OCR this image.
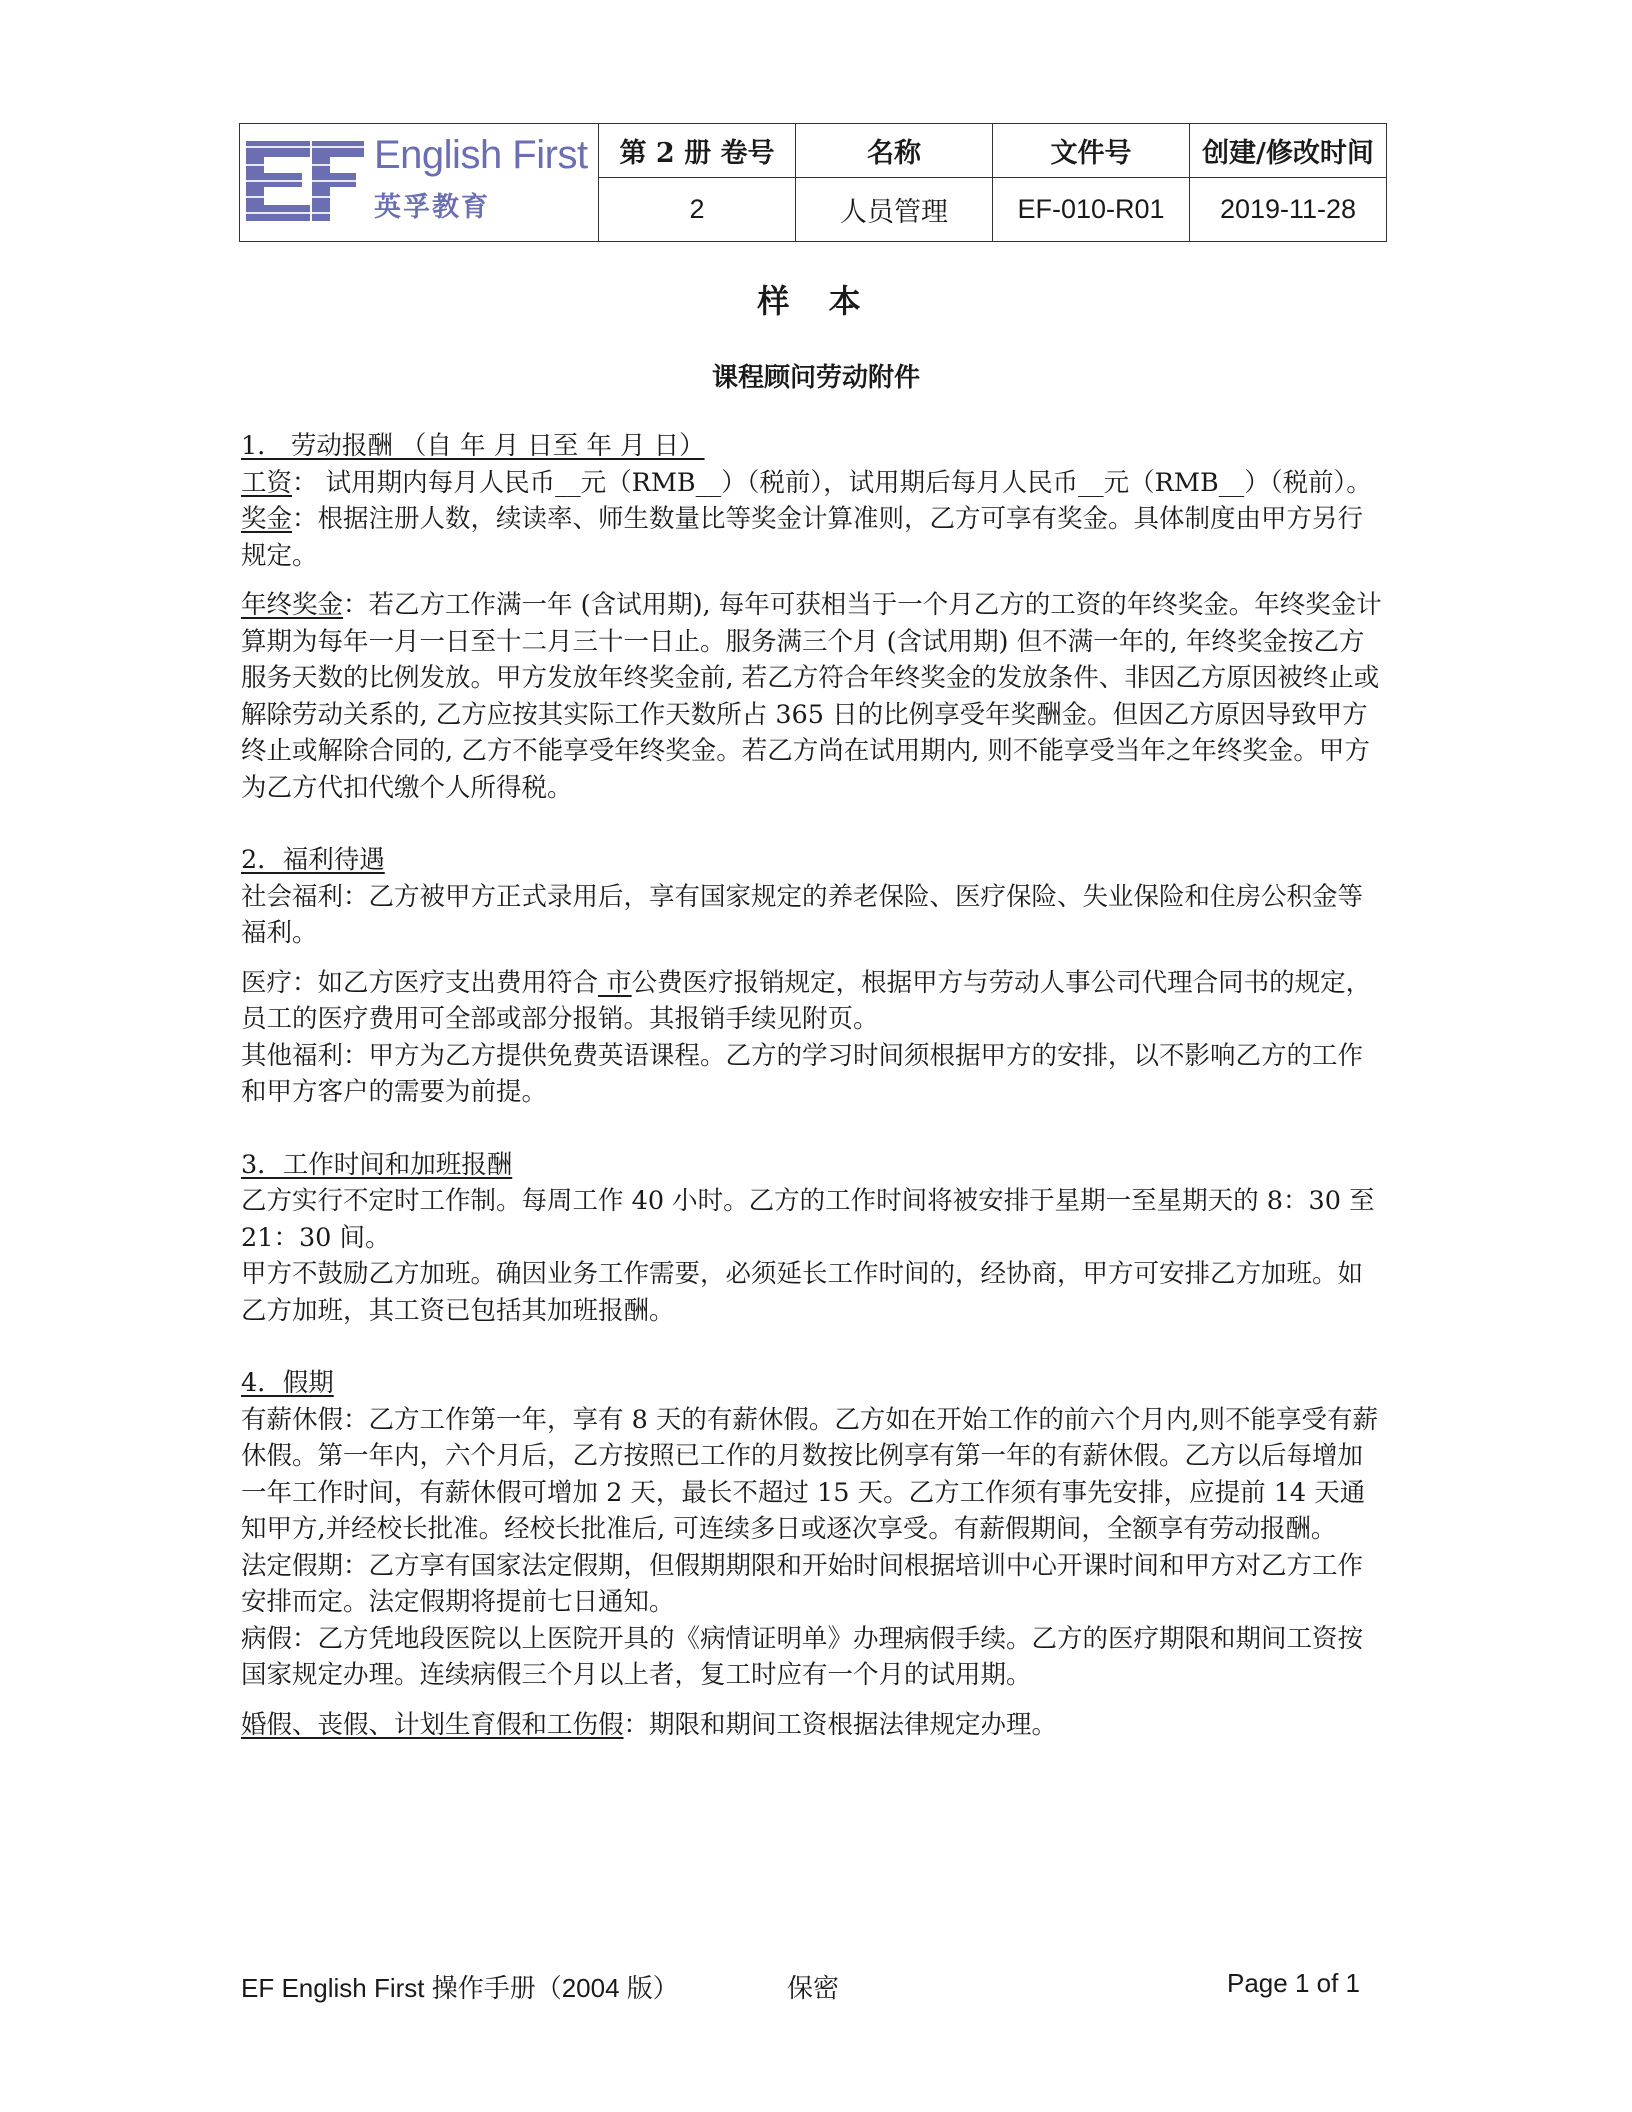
English First
英孚教育	第 2 册 卷号	名称	文件号	创建/修改时间
	2	人员管理	EF-010-R01	2019-11-28
样 本
课程顾问劳动附件

1． 劳动报酬 （自 年 月 日至 年 月 日）

工资： 试用期内每月人民币__元（RMB__）（税前），试用期后每月人民币__元（RMB__）（税前）。

奖金：根据注册人数，续读率、师生数量比等奖金计算准则，乙方可享有奖金。具体制度由甲方另行规定。

年终奖金：若乙方工作满一年 (含试用期), 每年可获相当于一个月乙方的工资的年终奖金。年终奖金计算期为每年一月一日至十二月三十一日止。服务满三个月 (含试用期) 但不满一年的, 年终奖金按乙方服务天数的比例发放。甲方发放年终奖金前, 若乙方符合年终奖金的发放条件、非因乙方原因被终止或解除劳动关系的, 乙方应按其实际工作天数所占 365 日的比例享受年奖酬金。但因乙方原因导致甲方终止或解除合同的, 乙方不能享受年终奖金。若乙方尚在试用期内, 则不能享受当年之年终奖金。甲方为乙方代扣代缴个人所得税。

2．福利待遇

社会福利：乙方被甲方正式录用后，享有国家规定的养老保险、医疗保险、失业保险和住房公积金等福利。

医疗：如乙方医疗支出费用符合 市公费医疗报销规定，根据甲方与劳动人事公司代理合同书的规定，员工的医疗费用可全部或部分报销。其报销手续见附页。

其他福利：甲方为乙方提供免费英语课程。乙方的学习时间须根据甲方的安排，以不影响乙方的工作和甲方客户的需要为前提。

3．工作时间和加班报酬

乙方实行不定时工作制。每周工作 40 小时。乙方的工作时间将被安排于星期一至星期天的 8：30 至 21：30 间。

甲方不鼓励乙方加班。确因业务工作需要，必须延长工作时间的，经协商，甲方可安排乙方加班。如乙方加班，其工资已包括其加班报酬。

4．假期

有薪休假：乙方工作第一年，享有 8 天的有薪休假。乙方如在开始工作的前六个月内,则不能享受有薪休假。第一年内，六个月后，乙方按照已工作的月数按比例享有第一年的有薪休假。乙方以后每增加一年工作时间，有薪休假可增加 2 天，最长不超过 15 天。乙方工作须有事先安排，应提前 14 天通知甲方,并经校长批准。经校长批准后, 可连续多日或逐次享受。有薪假期间，全额享有劳动报酬。

法定假期：乙方享有国家法定假期，但假期期限和开始时间根据培训中心开课时间和甲方对乙方工作安排而定。法定假期将提前七日通知。

病假：乙方凭地段医院以上医院开具的《病情证明单》办理病假手续。乙方的医疗期限和期间工资按国家规定办理。连续病假三个月以上者，复工时应有一个月的试用期。

婚假、丧假、计划生育假和工伤假：期限和期间工资根据法律规定办理。

EF English First 操作手册（2004 版）	保密	Page 1 of 1
